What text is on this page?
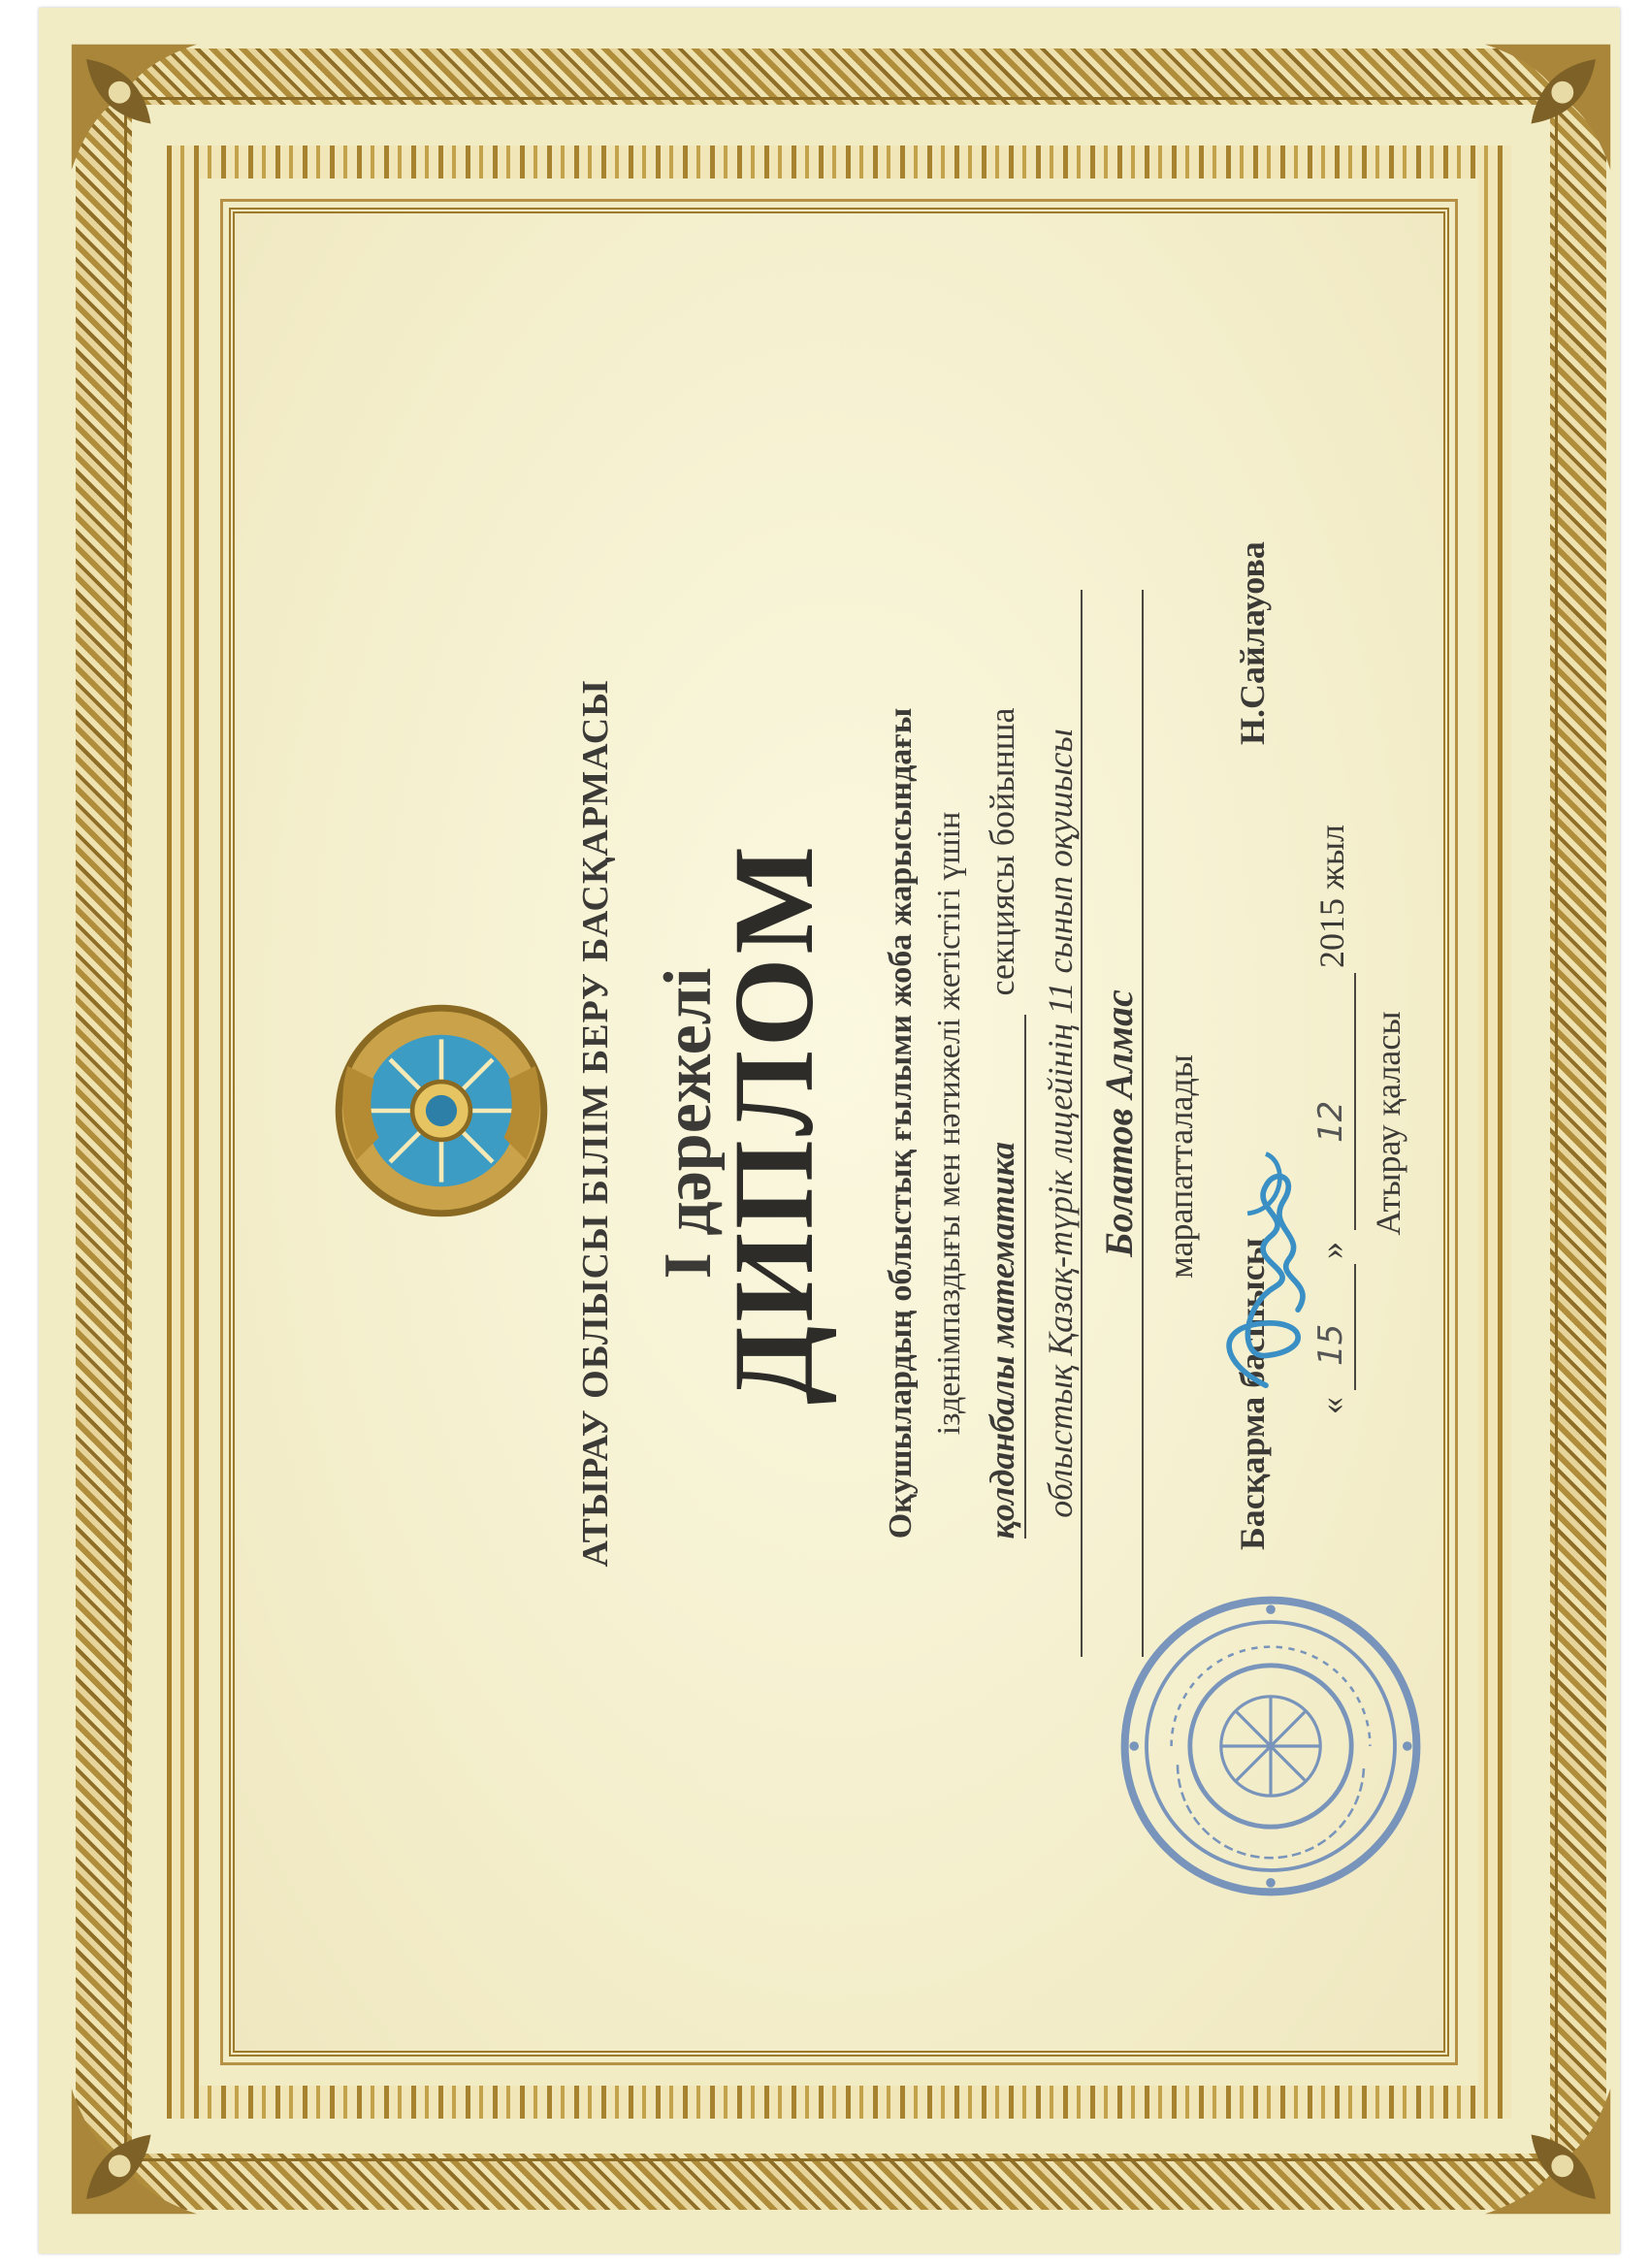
АТЫРАУ ОБЛЫСЫ БІЛІМ БЕРУ БАСҚАРМАСЫ І дәрежелі
ДИПЛОМ Оқушылардың облыстық ғылыми жоба жарысындағы ізденімпаздығы мен нәтижелі жетістігі үшін қолданбалы математикасекциясы бойынша облыстық Қазақ-түрік лицейінің 11 сынып оқушысы Болатов Алмас марапатталады
Басқарма басшысы
Н.Сайлауова
«
15
»
12
2015 жыл
Атырау қаласы
